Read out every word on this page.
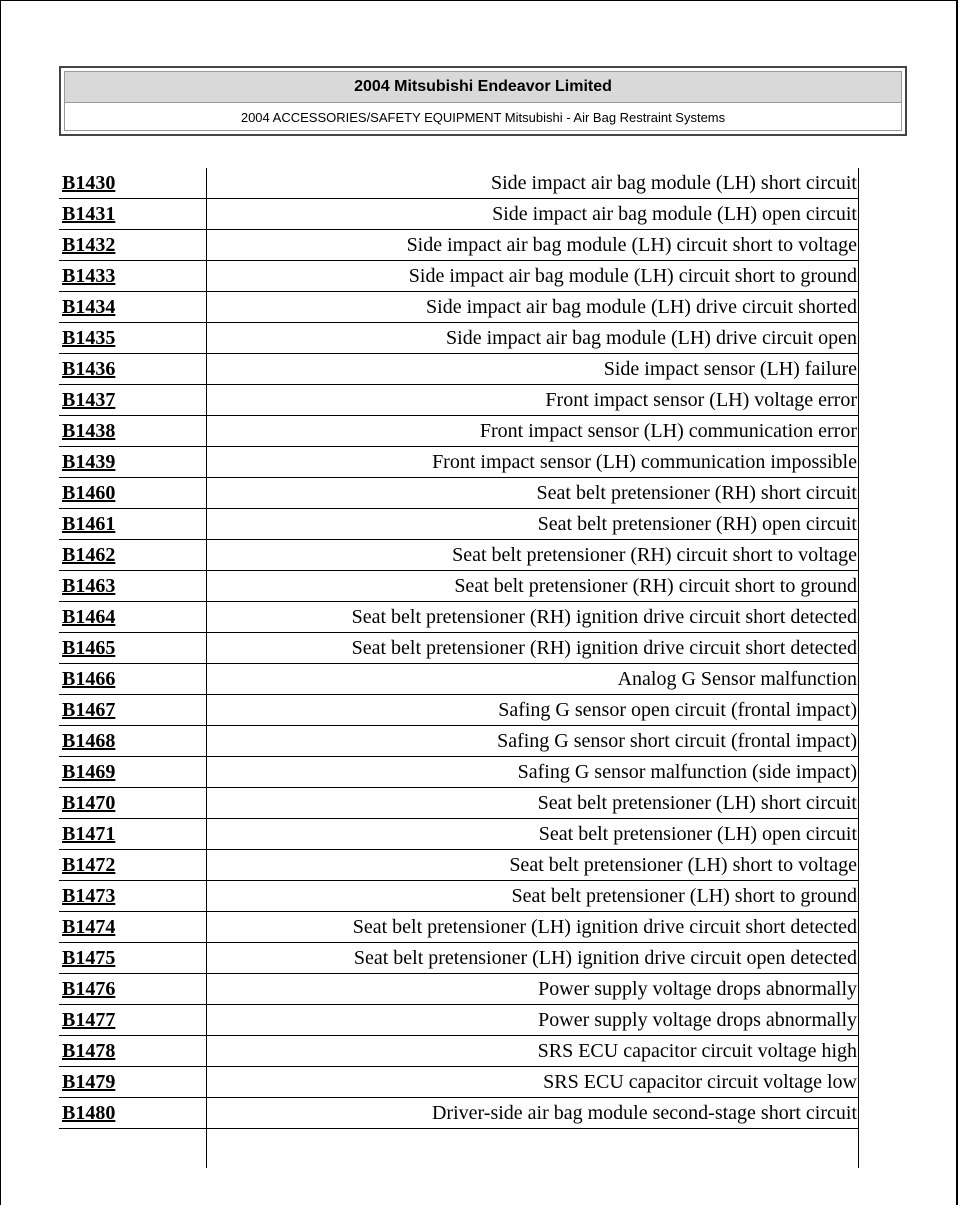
2004 Mitsubishi Endeavor Limited
2004 ACCESSORIES/SAFETY EQUIPMENT Mitsubishi - Air Bag Restraint Systems
B1430	Side impact air bag module (LH) short circuit
B1431	Side impact air bag module (LH) open circuit
B1432	Side impact air bag module (LH) circuit short to voltage
B1433	Side impact air bag module (LH) circuit short to ground
B1434	Side impact air bag module (LH) drive circuit shorted
B1435	Side impact air bag module (LH) drive circuit open
B1436	Side impact sensor (LH) failure
B1437	Front impact sensor (LH) voltage error
B1438	Front impact sensor (LH) communication error
B1439	Front impact sensor (LH) communication impossible
B1460	Seat belt pretensioner (RH) short circuit
B1461	Seat belt pretensioner (RH) open circuit
B1462	Seat belt pretensioner (RH) circuit short to voltage
B1463	Seat belt pretensioner (RH) circuit short to ground
B1464	Seat belt pretensioner (RH) ignition drive circuit short detected
B1465	Seat belt pretensioner (RH) ignition drive circuit short detected
B1466	Analog G Sensor malfunction
B1467	Safing G sensor open circuit (frontal impact)
B1468	Safing G sensor short circuit (frontal impact)
B1469	Safing G sensor malfunction (side impact)
B1470	Seat belt pretensioner (LH) short circuit
B1471	Seat belt pretensioner (LH) open circuit
B1472	Seat belt pretensioner (LH) short to voltage
B1473	Seat belt pretensioner (LH) short to ground
B1474	Seat belt pretensioner (LH) ignition drive circuit short detected
B1475	Seat belt pretensioner (LH) ignition drive circuit open detected
B1476	Power supply voltage drops abnormally
B1477	Power supply voltage drops abnormally
B1478	SRS ECU capacitor circuit voltage high
B1479	SRS ECU capacitor circuit voltage low
B1480	Driver-side air bag module second-stage short circuit
